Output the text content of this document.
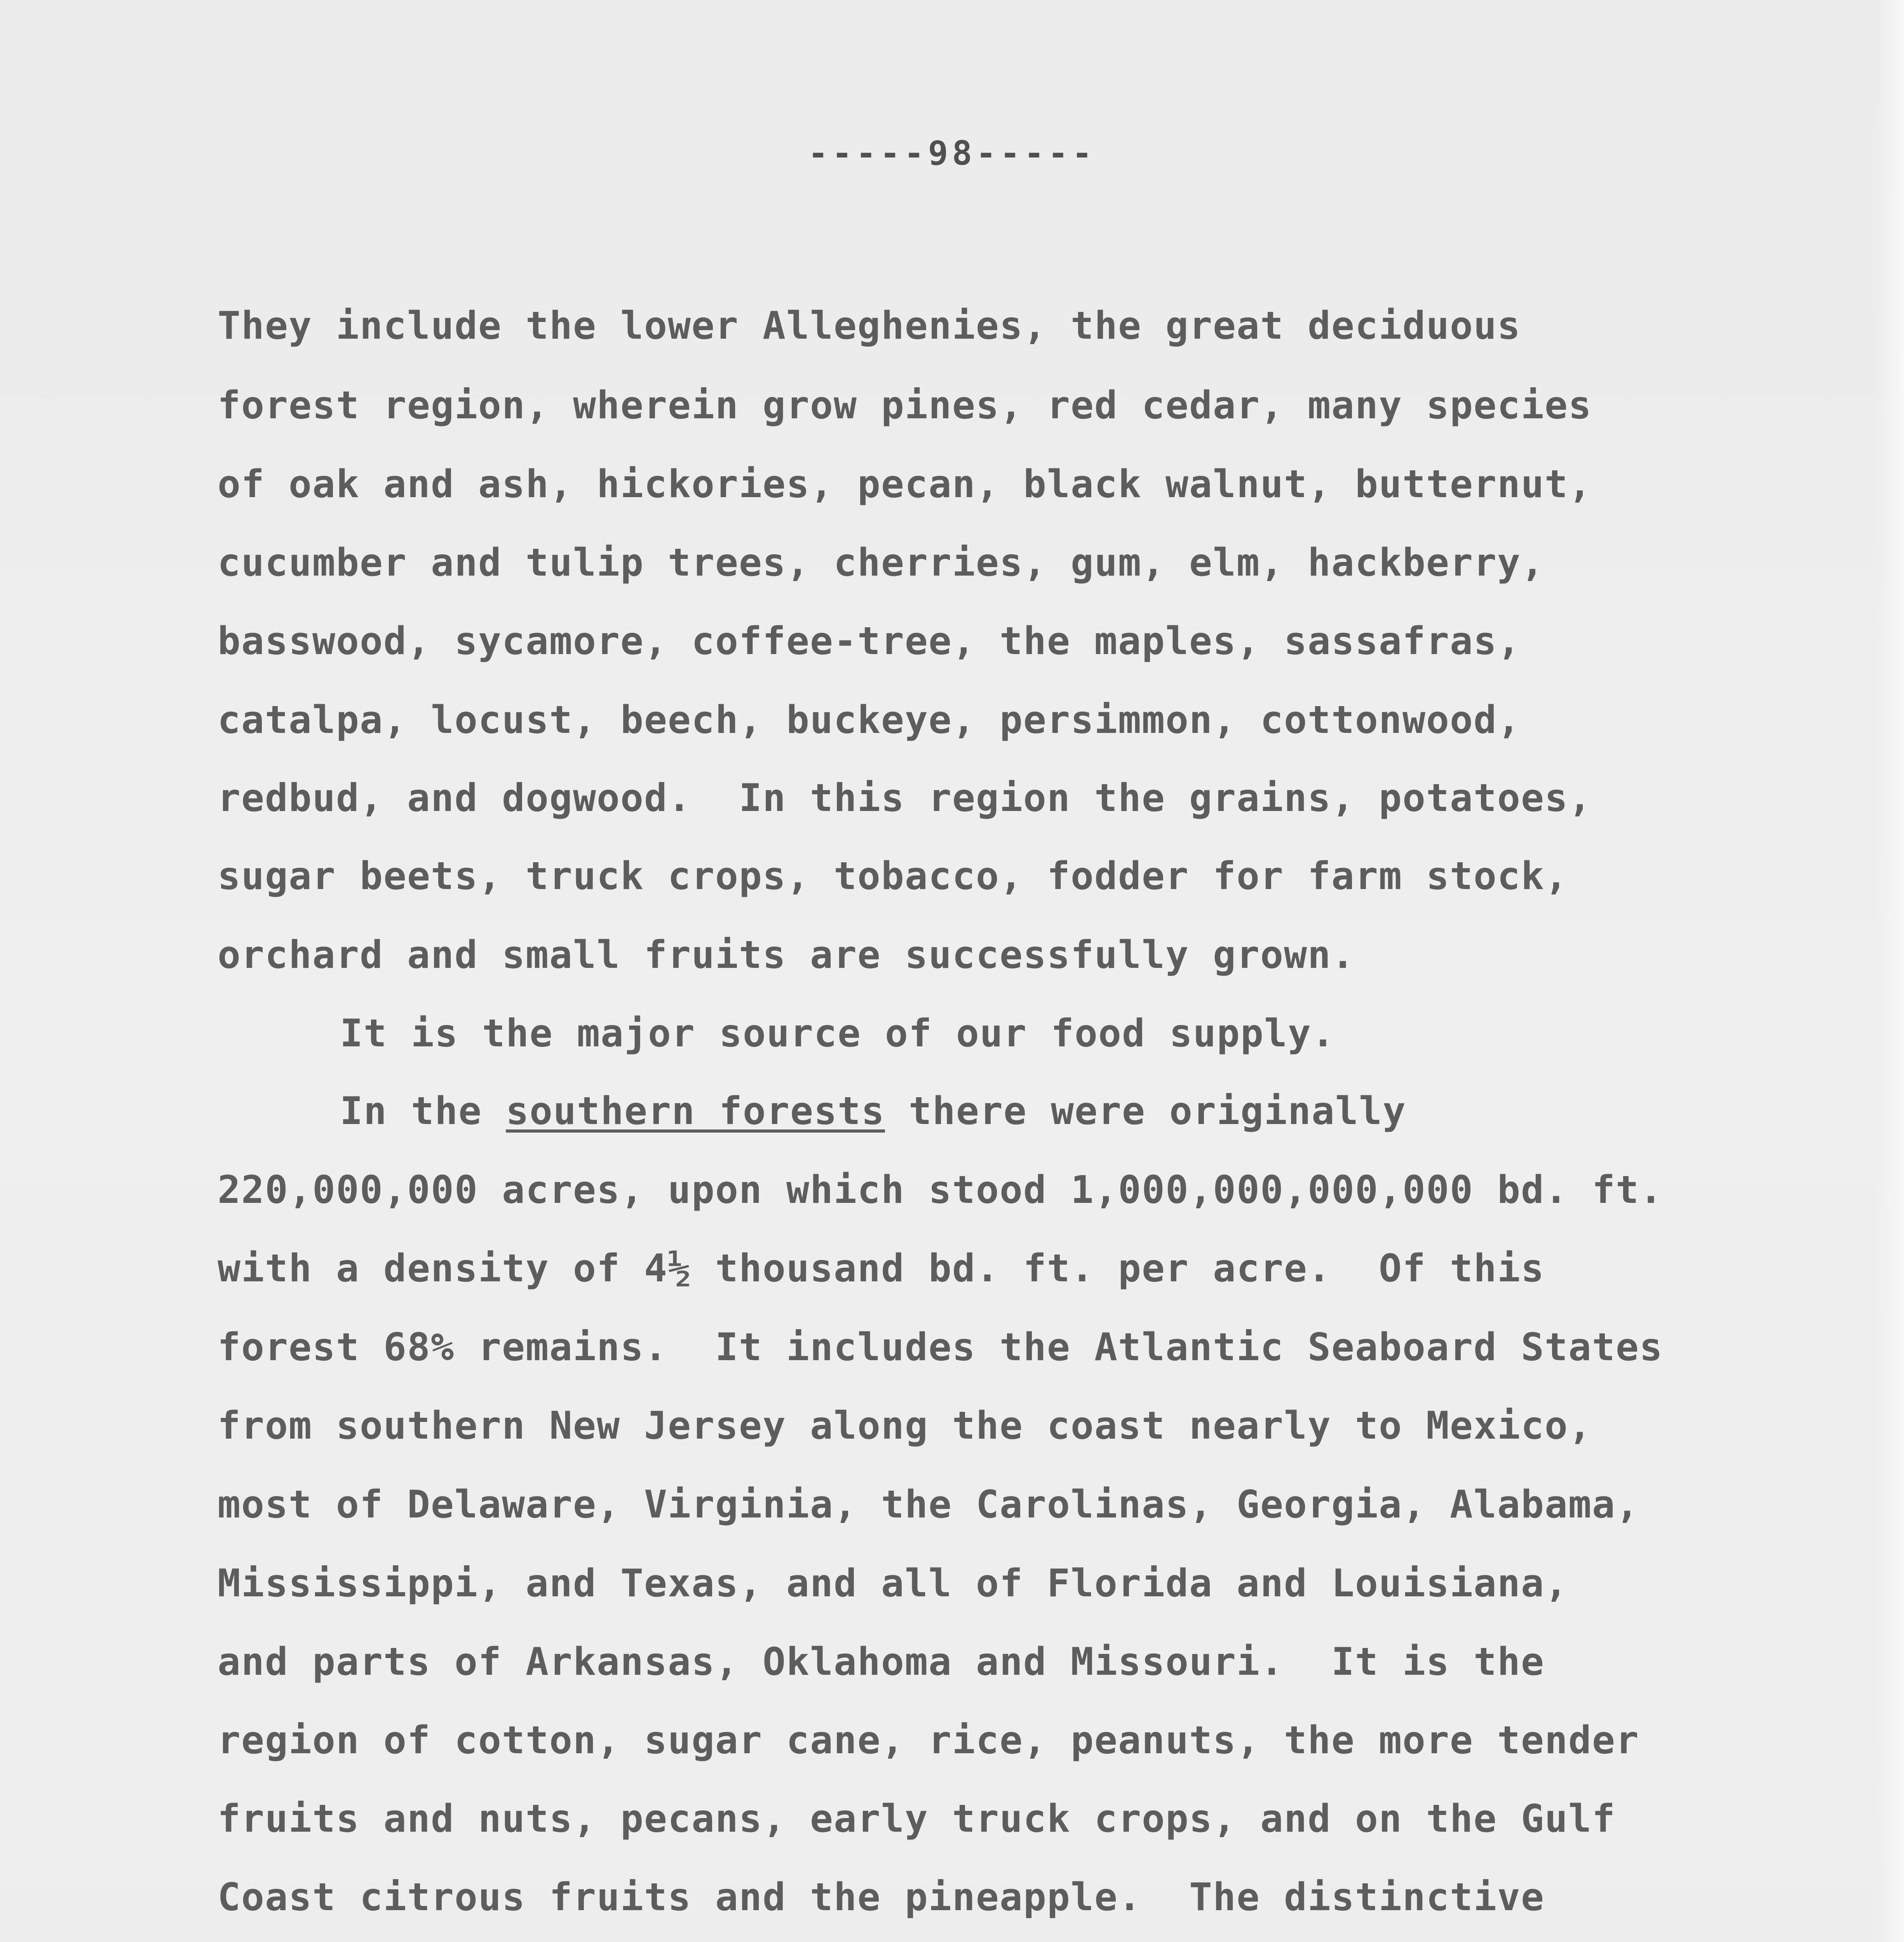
-----98-----
They include the lower Alleghenies, the great deciduous
forest region, wherein grow pines, red cedar, many species
of oak and ash, hickories, pecan, black walnut, butternut,
cucumber and tulip trees, cherries, gum, elm, hackberry,
basswood, sycamore, coffee-tree, the maples, sassafras,
catalpa, locust, beech, buckeye, persimmon, cottonwood,
redbud, and dogwood.  In this region the grains, potatoes,
sugar beets, truck crops, tobacco, fodder for farm stock,
orchard and small fruits are successfully grown.
It is the major source of our food supply.
In the southern forests there were originally
220,000,000 acres, upon which stood 1,000,000,000,000 bd. ft.
with a density of 4½ thousand bd. ft. per acre.  Of this
forest 68% remains.  It includes the Atlantic Seaboard States
from southern New Jersey along the coast nearly to Mexico,
most of Delaware, Virginia, the Carolinas, Georgia, Alabama,
Mississippi, and Texas, and all of Florida and Louisiana,
and parts of Arkansas, Oklahoma and Missouri.  It is the
region of cotton, sugar cane, rice, peanuts, the more tender
fruits and nuts, pecans, early truck crops, and on the Gulf
Coast citrous fruits and the pineapple.  The distinctive
